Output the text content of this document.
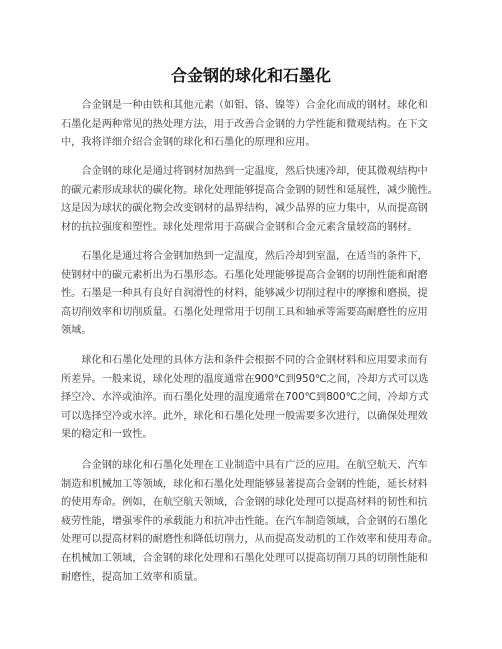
合金钢的球化和石墨化
　　合金钢是一种由铁和其他元素（如钼、铬、镍等）合金化而成的钢材。球化和
石墨化是两种常见的热处理方法，用于改善合金钢的力学性能和微观结构。在下文
中，我将详细介绍合金钢的球化和石墨化的原理和应用。
　　合金钢的球化是通过将钢材加热到一定温度，然后快速冷却，使其微观结构中
的碳元素形成球状的碳化物。球化处理能够提高合金钢的韧性和延展性，减少脆性。
这是因为球状的碳化物会改变钢材的晶界结构，减少晶界的应力集中，从而提高钢
材的抗拉强度和塑性。球化处理常用于高碳合金钢和合金元素含量较高的钢材。
　　石墨化是通过将合金钢加热到一定温度，然后冷却到室温，在适当的条件下，
使钢材中的碳元素析出为石墨形态。石墨化处理能够提高合金钢的切削性能和耐磨
性。石墨是一种具有良好自润滑性的材料，能够减少切削过程中的摩擦和磨损，提
高切削效率和切削质量。石墨化处理常用于切削工具和轴承等需要高耐磨性的应用
领域。
　　球化和石墨化处理的具体方法和条件会根据不同的合金钢材料和应用要求而有
所差异。一般来说，球化处理的温度通常在900℃到950℃之间，冷却方式可以选
择空冷、水淬或油淬。而石墨化处理的温度通常在700℃到800℃之间，冷却方式
可以选择空冷或水淬。此外，球化和石墨化处理一般需要多次进行，以确保处理效
果的稳定和一致性。
　　合金钢的球化和石墨化处理在工业制造中具有广泛的应用。在航空航天、汽车
制造和机械加工等领域，球化和石墨化处理能够显著提高合金钢的性能，延长材料
的使用寿命。例如，在航空航天领域，合金钢的球化处理可以提高材料的韧性和抗
疲劳性能，增强零件的承载能力和抗冲击性能。在汽车制造领域，合金钢的石墨化
处理可以提高材料的耐磨性和降低切削力，从而提高发动机的工作效率和使用寿命。
在机械加工领域，合金钢的球化处理和石墨化处理可以提高切削刀具的切削性能和
耐磨性，提高加工效率和质量。
